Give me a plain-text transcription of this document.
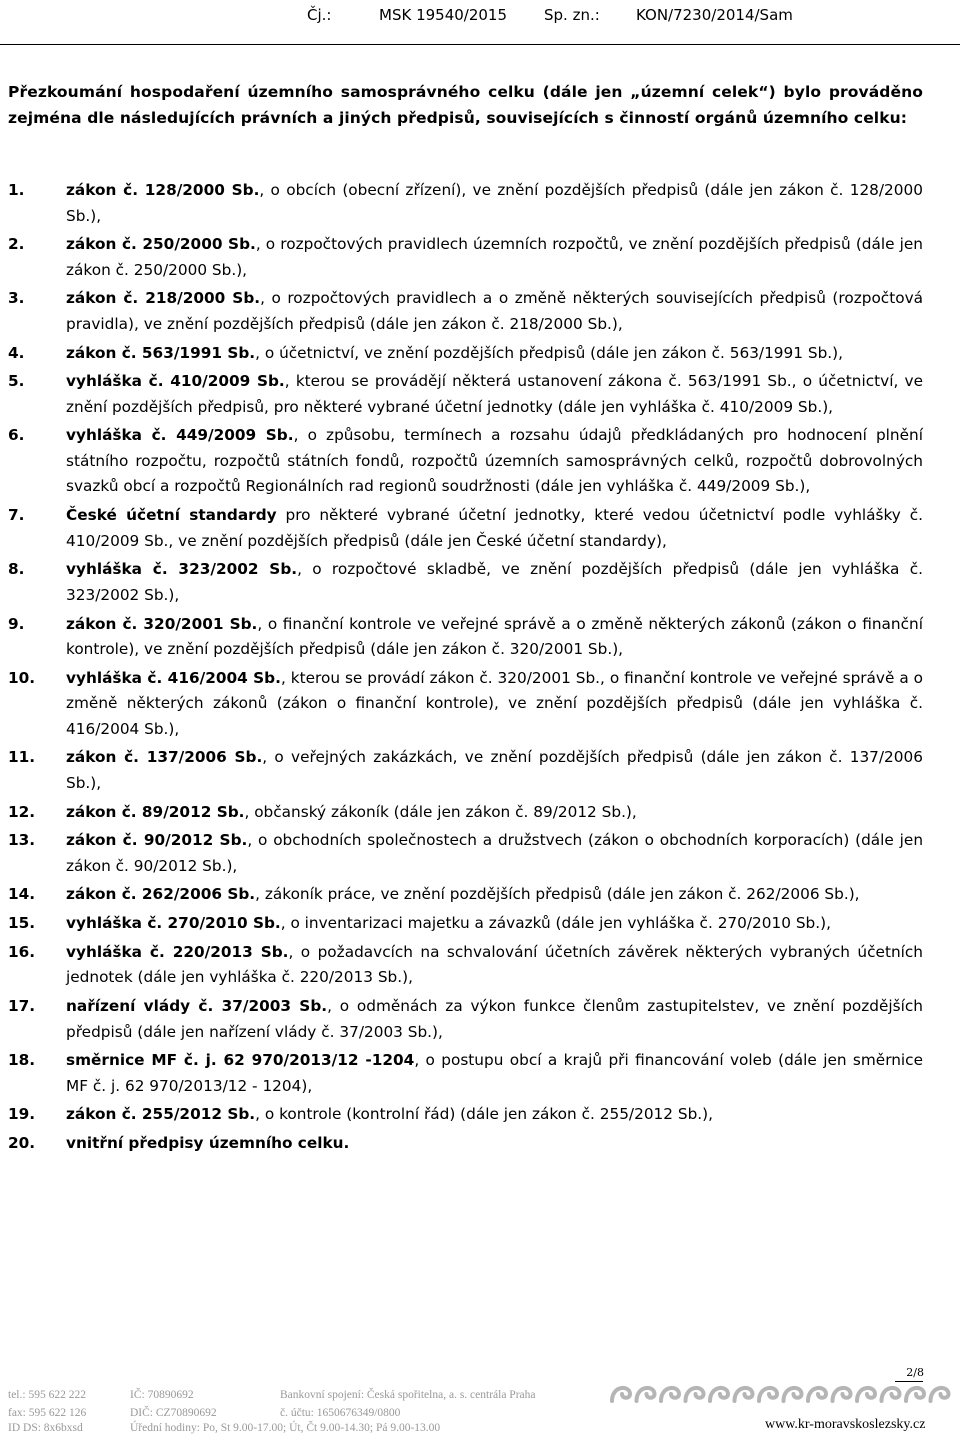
Čj.:	MSK 19540/2015 Sp. zn.: KON/7230/2014/Sam
Přezkoumání hospodaření územního samosprávného celku (dále jen „územní celek“) bylo prováděno zejména dle následujících právních a jiných předpisů, souvisejících s činností orgánů územního celku:
1.	zákon č. 128/2000 Sb., o obcích (obecní zřízení), ve znění pozdějších předpisů (dále jen zákon č. 128/2000 Sb.),
2.	zákon č. 250/2000 Sb., o rozpočtových pravidlech územních rozpočtů, ve znění pozdějších předpisů (dále jen zákon č. 250/2000 Sb.),
3.	zákon č. 218/2000 Sb., o rozpočtových pravidlech a o změně některých souvisejících předpisů (rozpočtová pravidla), ve znění pozdějších předpisů (dále jen zákon č. 218/2000 Sb.),
4.	zákon č. 563/1991 Sb., o účetnictví, ve znění pozdějších předpisů (dále jen zákon č. 563/1991 Sb.),
5.	vyhláška č. 410/2009 Sb., kterou se provádějí některá ustanovení zákona č. 563/1991 Sb., o účetnictví, ve znění pozdějších předpisů, pro některé vybrané účetní jednotky (dále jen vyhláška č. 410/2009 Sb.),
6.	vyhláška č. 449/2009 Sb., o způsobu, termínech a rozsahu údajů předkládaných pro hodnocení plnění státního rozpočtu, rozpočtů státních fondů, rozpočtů územních samosprávných celků, rozpočtů dobrovolných svazků obcí a rozpočtů Regionálních rad regionů soudržnosti (dále jen vyhláška č. 449/2009 Sb.),
7.	České účetní standardy pro některé vybrané účetní jednotky, které vedou účetnictví podle vyhlášky č. 410/2009 Sb., ve znění pozdějších předpisů (dále jen České účetní standardy),
8.	vyhláška č. 323/2002 Sb., o rozpočtové skladbě, ve znění pozdějších předpisů (dále jen vyhláška č. 323/2002 Sb.),
9.	zákon č. 320/2001 Sb., o finanční kontrole ve veřejné správě a o změně některých zákonů (zákon o finanční kontrole), ve znění pozdějších předpisů (dále jen zákon č. 320/2001 Sb.),
10. vyhláška č. 416/2004 Sb., kterou se provádí zákon č. 320/2001 Sb., o finanční kontrole ve veřejné správě a o změně některých zákonů (zákon o finanční kontrole), ve znění pozdějších předpisů (dále jen vyhláška č. 416/2004 Sb.),
11. zákon č. 137/2006 Sb., o veřejných zakázkách, ve znění pozdějších předpisů (dále jen zákon č. 137/2006 Sb.),
12. zákon č. 89/2012 Sb., občanský zákoník (dále jen zákon č. 89/2012 Sb.),
13. zákon č. 90/2012 Sb., o obchodních společnostech a družstvech (zákon o obchodních korporacích) (dále jen zákon č. 90/2012 Sb.),
14. zákon č. 262/2006 Sb., zákoník práce, ve znění pozdějších předpisů (dále jen zákon č. 262/2006 Sb.),
15. vyhláška č. 270/2010 Sb., o inventarizaci majetku a závazků (dále jen vyhláška č. 270/2010 Sb.),
16. vyhláška č. 220/2013 Sb., o požadavcích na schvalování účetních závěrek některých vybraných účetních jednotek (dále jen vyhláška č. 220/2013 Sb.),
17. nařízení vlády č. 37/2003 Sb., o odměnách za výkon funkce členům zastupitelstev, ve znění pozdějších předpisů (dále jen nařízení vlády č. 37/2003 Sb.),
18. směrnice MF č. j. 62 970/2013/12 -1204, o postupu obcí a krajů při financování voleb (dále jen směrnice MF č. j. 62 970/2013/12 - 1204),
19. zákon č. 255/2012 Sb., o kontrole (kontrolní řád) (dále jen zákon č. 255/2012 Sb.),
20. vnitřní předpisy územního celku.
2/8
tel.: 595 622 222	IČ: 70890692	Bankovní spojení: Česká spořitelna, a. s. centrála Praha
fax: 595 622 126	DIČ: CZ70890692	č. účtu: 1650676349/0800
ID DS: 8x6bxsd	Úřední hodiny: Po, St 9.00-17.00; Út, Čt 9.00-14.30; Pá 9.00-13.00	www.kr-moravskoslezsky.cz
